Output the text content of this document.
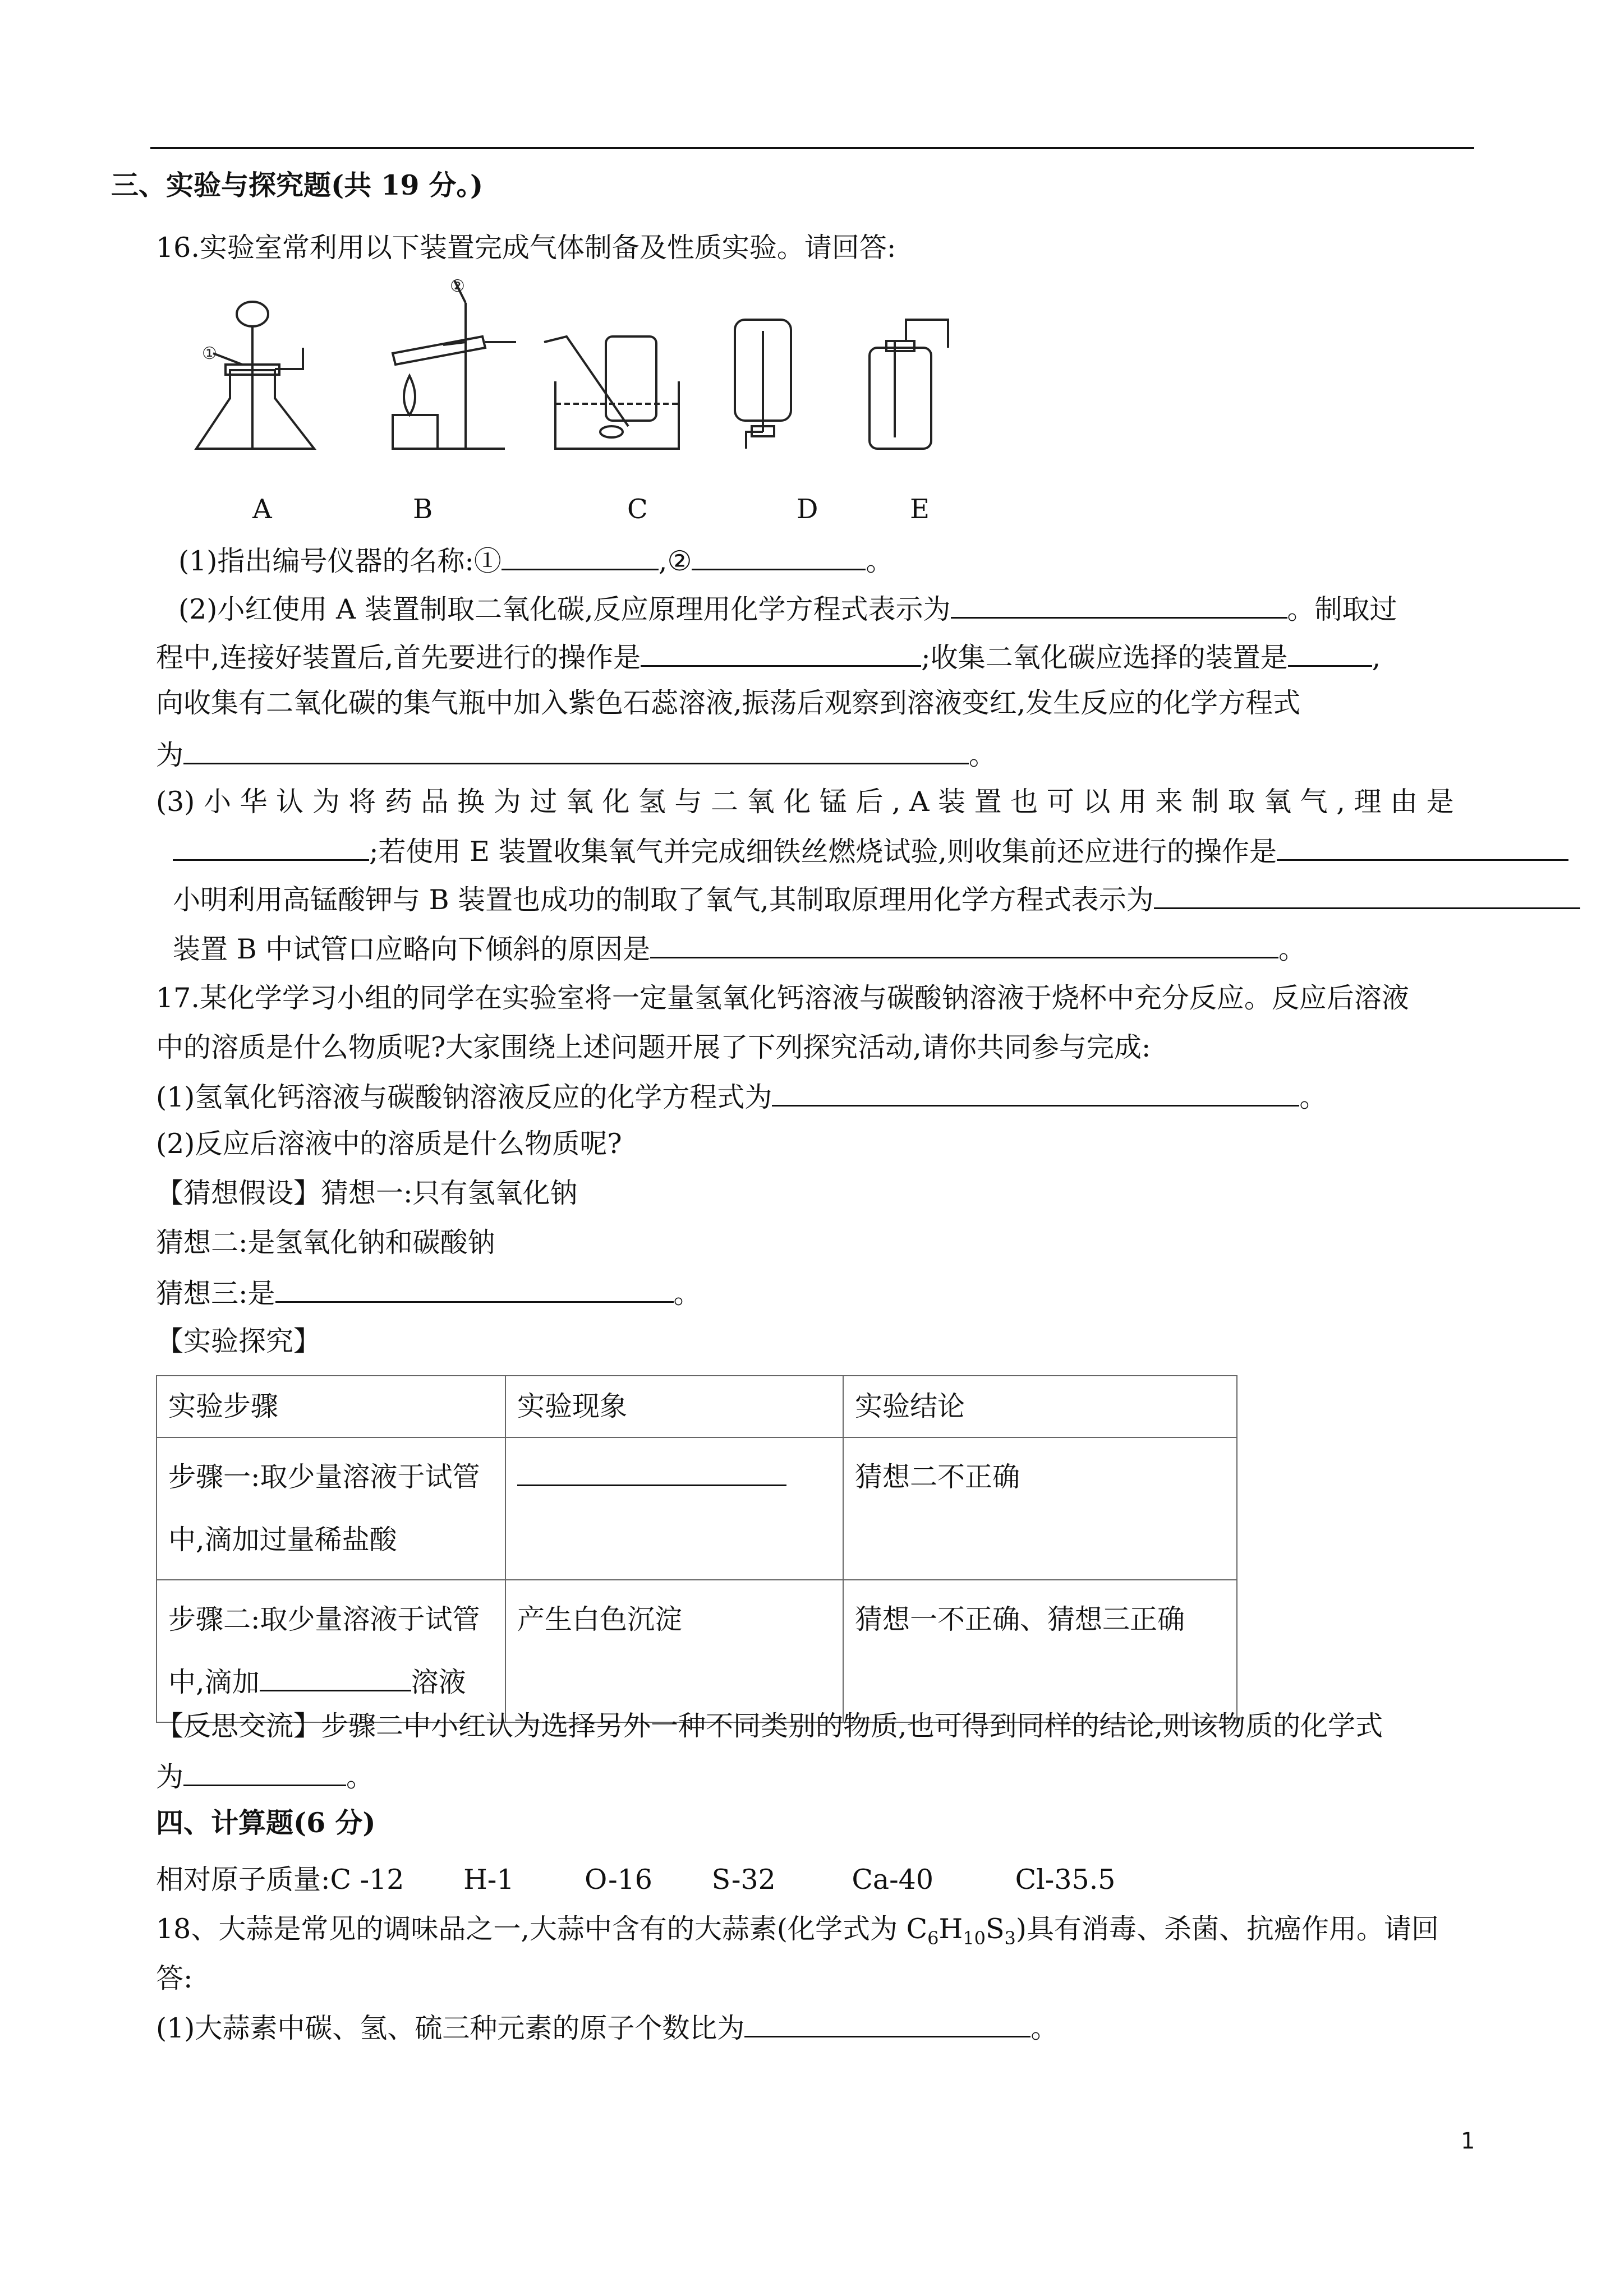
三、实验与探究题(共 19 分。)
16.实验室常利用以下装置完成气体制备及性质实验。请回答:
①
②
A	B	C	D	E
(1)指出编号仪器的名称:①	,②	。
(2)小红使用 A 装置制取二氧化碳,反应原理用化学方程式表示为	。制取过
程中,连接好装置后,首先要进行的操作是	;收集二氧化碳应选择的装置是	,
向收集有二氧化碳的集气瓶中加入紫色石蕊溶液,振荡后观察到溶液变红,发生反应的化学方程式
为	。
(3) 小 华 认 为 将 药 品 换 为 过 氧 化 氢 与 二 氧 化 锰 后 , A 装 置 也 可 以 用 来 制 取 氧 气 , 理 由 是
;若使用 E 装置收集氧气并完成细铁丝燃烧试验,则收集前还应进行的操作是
小明利用高锰酸钾与 B 装置也成功的制取了氧气,其制取原理用化学方程式表示为
装置 B 中试管口应略向下倾斜的原因是	。
17.某化学学习小组的同学在实验室将一定量氢氧化钙溶液与碳酸钠溶液于烧杯中充分反应。反应后溶液
中的溶质是什么物质呢?大家围绕上述问题开展了下列探究活动,请你共同参与完成:
(1)氢氧化钙溶液与碳酸钠溶液反应的化学方程式为	。
(2)反应后溶液中的溶质是什么物质呢?
【猜想假设】猜想一:只有氢氧化钠
猜想二:是氢氧化钠和碳酸钠
猜想三:是	。
【实验探究】
实验步骤	实验现象	实验结论
步骤一:取少量溶液于试管中,滴加过量稀盐酸		猜想二不正确
步骤二:取少量溶液于试管
中,滴加 溶液	产生白色沉淀	猜想一不正确、猜想三正确
【反思交流】步骤二中小红认为选择另外一种不同类别的物质,也可得到同样的结论,则该物质的化学式
为	。
四、计算题(6 分)
相对原子质量:C -12 H-1	O-16 S-32	Ca-40	Cl-35.5
18、大蒜是常见的调味品之一,大蒜中含有的大蒜素(化学式为 $C_6H_{10}S_3$)具有消毒、杀菌、抗癌作用。请回
答:
(1)大蒜素中碳、氢、硫三种元素的原子个数比为	。
1
